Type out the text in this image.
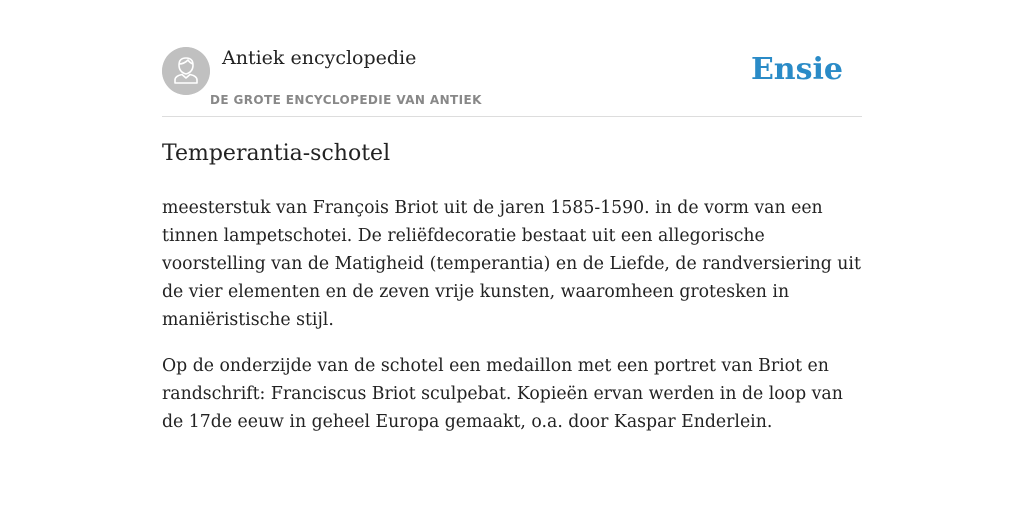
Antiek encyclopedie
DE GROTE ENCYCLOPEDIE VAN ANTIEK
Ensie
Temperantia-schotel

meesterstuk van François Briot uit de jaren 1585-1590. in de vorm van een tinnen lampetschotei. De reliëfdecoratie bestaat uit een allegorische voorstelling van de Matigheid (temperantia) en de Liefde, de randversiering uit de vier elementen en de zeven vrije kunsten, waaromheen grotesken in maniëristische stijl.

Op de onderzijde van de schotel een medaillon met een portret van Briot en randschrift: Franciscus Briot sculpebat. Kopieën ervan werden in de loop van de 17de eeuw in geheel Europa gemaakt, o.a. door Kaspar Enderlein.
